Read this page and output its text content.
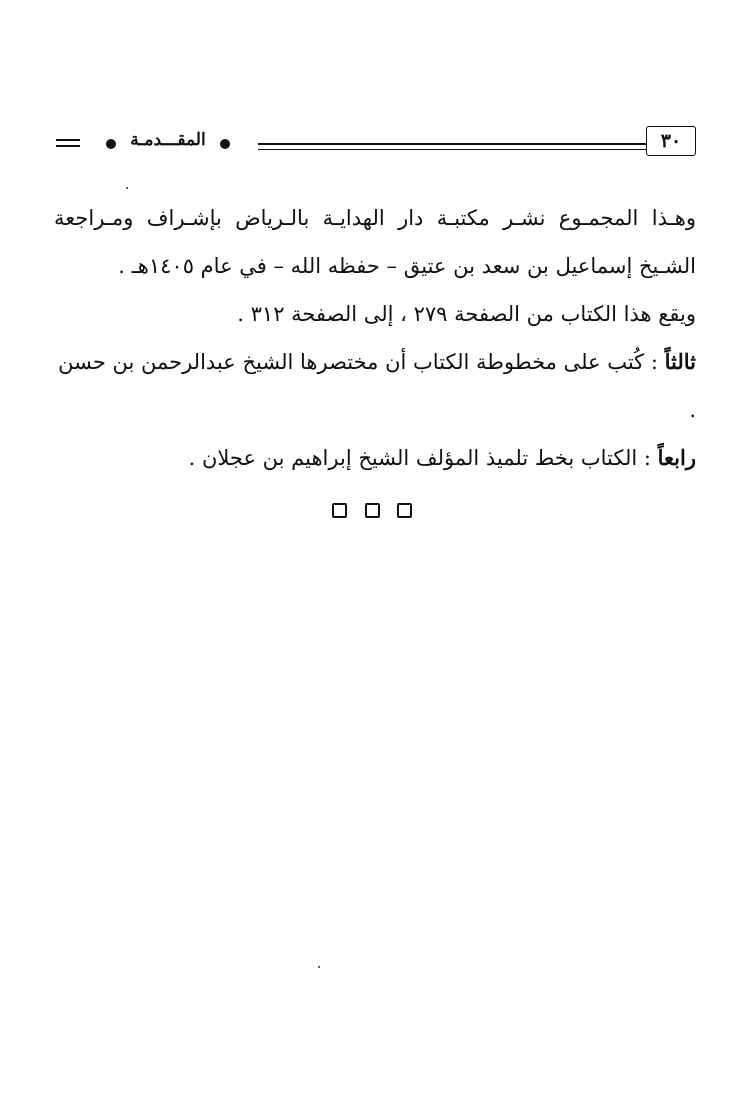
المقـــدمـة	٣٠

وهـذا المجمـوع نشـر مكتبـة دار الهدايـة بالـرياض بإشـراف ومـراجعة الشـيخ إسماعيل بن سعد بن عتيق – حفظه الله – في عام ١٤٠٥هـ .

ويقع هذا الكتاب من الصفحة ٢٧٩ ، إلى الصفحة ٣١٢ .

ثالثاً : كُتب على مخطوطة الكتاب أن مختصرها الشيخ عبدالرحمن بن حسن .

رابعاً : الكتاب بخط تلميذ المؤلف الشيخ إبراهيم بن عجلان .
